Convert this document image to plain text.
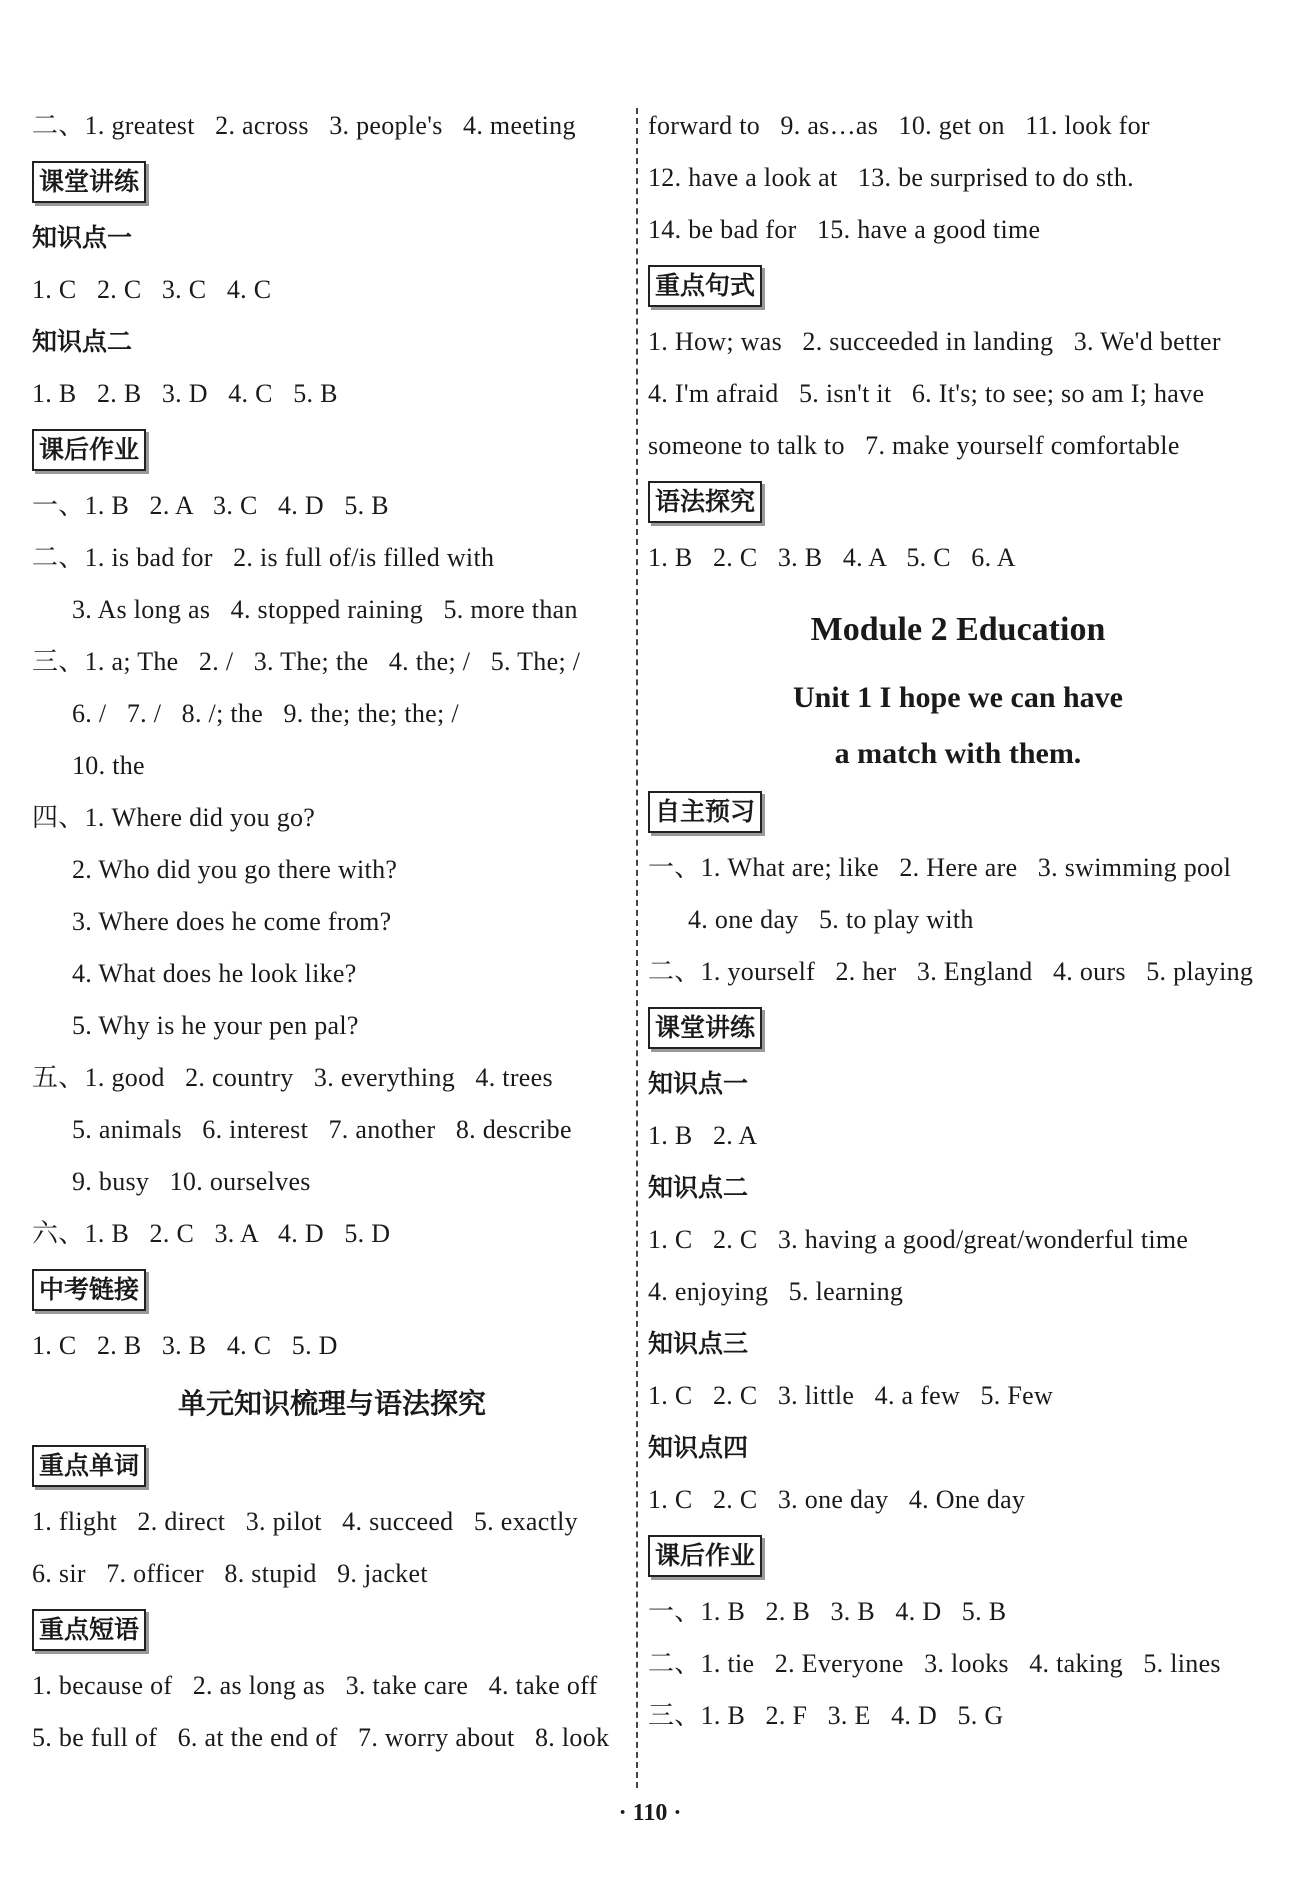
二、1. greatest   2. across   3. people's   4. meeting
课堂讲练
知识点一
1. C   2. C   3. C   4. C
知识点二
1. B   2. B   3. D   4. C   5. B
课后作业
一、1. B   2. A   3. C   4. D   5. B
二、1. is bad for   2. is full of/is filled with
3. As long as   4. stopped raining   5. more than
三、1. a; The   2. /   3. The; the   4. the; /   5. The; /
6. /   7. /   8. /; the   9. the; the; the; /
10. the
四、1. Where did you go?
2. Who did you go there with?
3. Where does he come from?
4. What does he look like?
5. Why is he your pen pal?
五、1. good   2. country   3. everything   4. trees
5. animals   6. interest   7. another   8. describe
9. busy   10. ourselves
六、1. B   2. C   3. A   4. D   5. D
中考链接
1. C   2. B   3. B   4. C   5. D
单元知识梳理与语法探究
重点单词
1. flight   2. direct   3. pilot   4. succeed   5. exactly
6. sir   7. officer   8. stupid   9. jacket
重点短语
1. because of   2. as long as   3. take care   4. take off
5. be full of   6. at the end of   7. worry about   8. look
forward to   9. as…as   10. get on   11. look for
12. have a look at   13. be surprised to do sth.
14. be bad for   15. have a good time
重点句式
1. How; was   2. succeeded in landing   3. We'd better
4. I'm afraid   5. isn't it   6. It's; to see; so am I; have
someone to talk to   7. make yourself comfortable
语法探究
1. B   2. C   3. B   4. A   5. C   6. A
Module 2 Education
Unit 1 I hope we can have
a match with them.
自主预习
一、1. What are; like   2. Here are   3. swimming pool
4. one day   5. to play with
二、1. yourself   2. her   3. England   4. ours   5. playing
课堂讲练
知识点一
1. B   2. A
知识点二
1. C   2. C   3. having a good/great/wonderful time
4. enjoying   5. learning
知识点三
1. C   2. C   3. little   4. a few   5. Few
知识点四
1. C   2. C   3. one day   4. One day
课后作业
一、1. B   2. B   3. B   4. D   5. B
二、1. tie   2. Everyone   3. looks   4. taking   5. lines
三、1. B   2. F   3. E   4. D   5. G
· 110 ·
